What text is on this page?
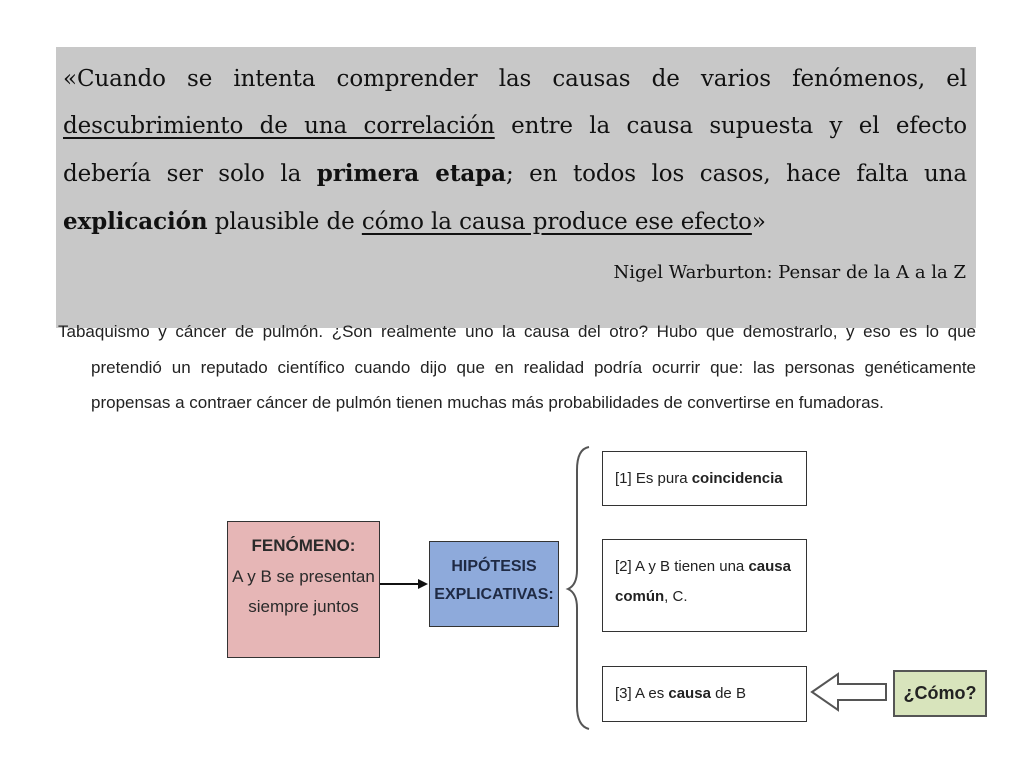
«Cuando se intenta comprender las causas de varios fenómenos, el descubrimiento de una correlación entre la causa supuesta y el efecto debería ser solo la primera etapa; en todos los casos, hace falta una explicación plausible de cómo la causa produce ese efecto»
Nigel Warburton: Pensar de la A a la Z
Tabaquismo y cáncer de pulmón. ¿Son realmente uno la causa del otro? Hubo que demostrarlo, y eso es lo que pretendió un reputado científico cuando dijo que en realidad podría ocurrir que: las personas genéticamente propensas a contraer cáncer de pulmón tienen muchas más probabilidades de convertirse en fumadoras.
FENÓMENO:
A y B se presentan
siempre juntos
HIPÓTESIS
EXPLICATIVAS:
[1] Es pura coincidencia
[2] A y B tienen una causa común, C.
[3] A es causa de B	¿Cómo?
